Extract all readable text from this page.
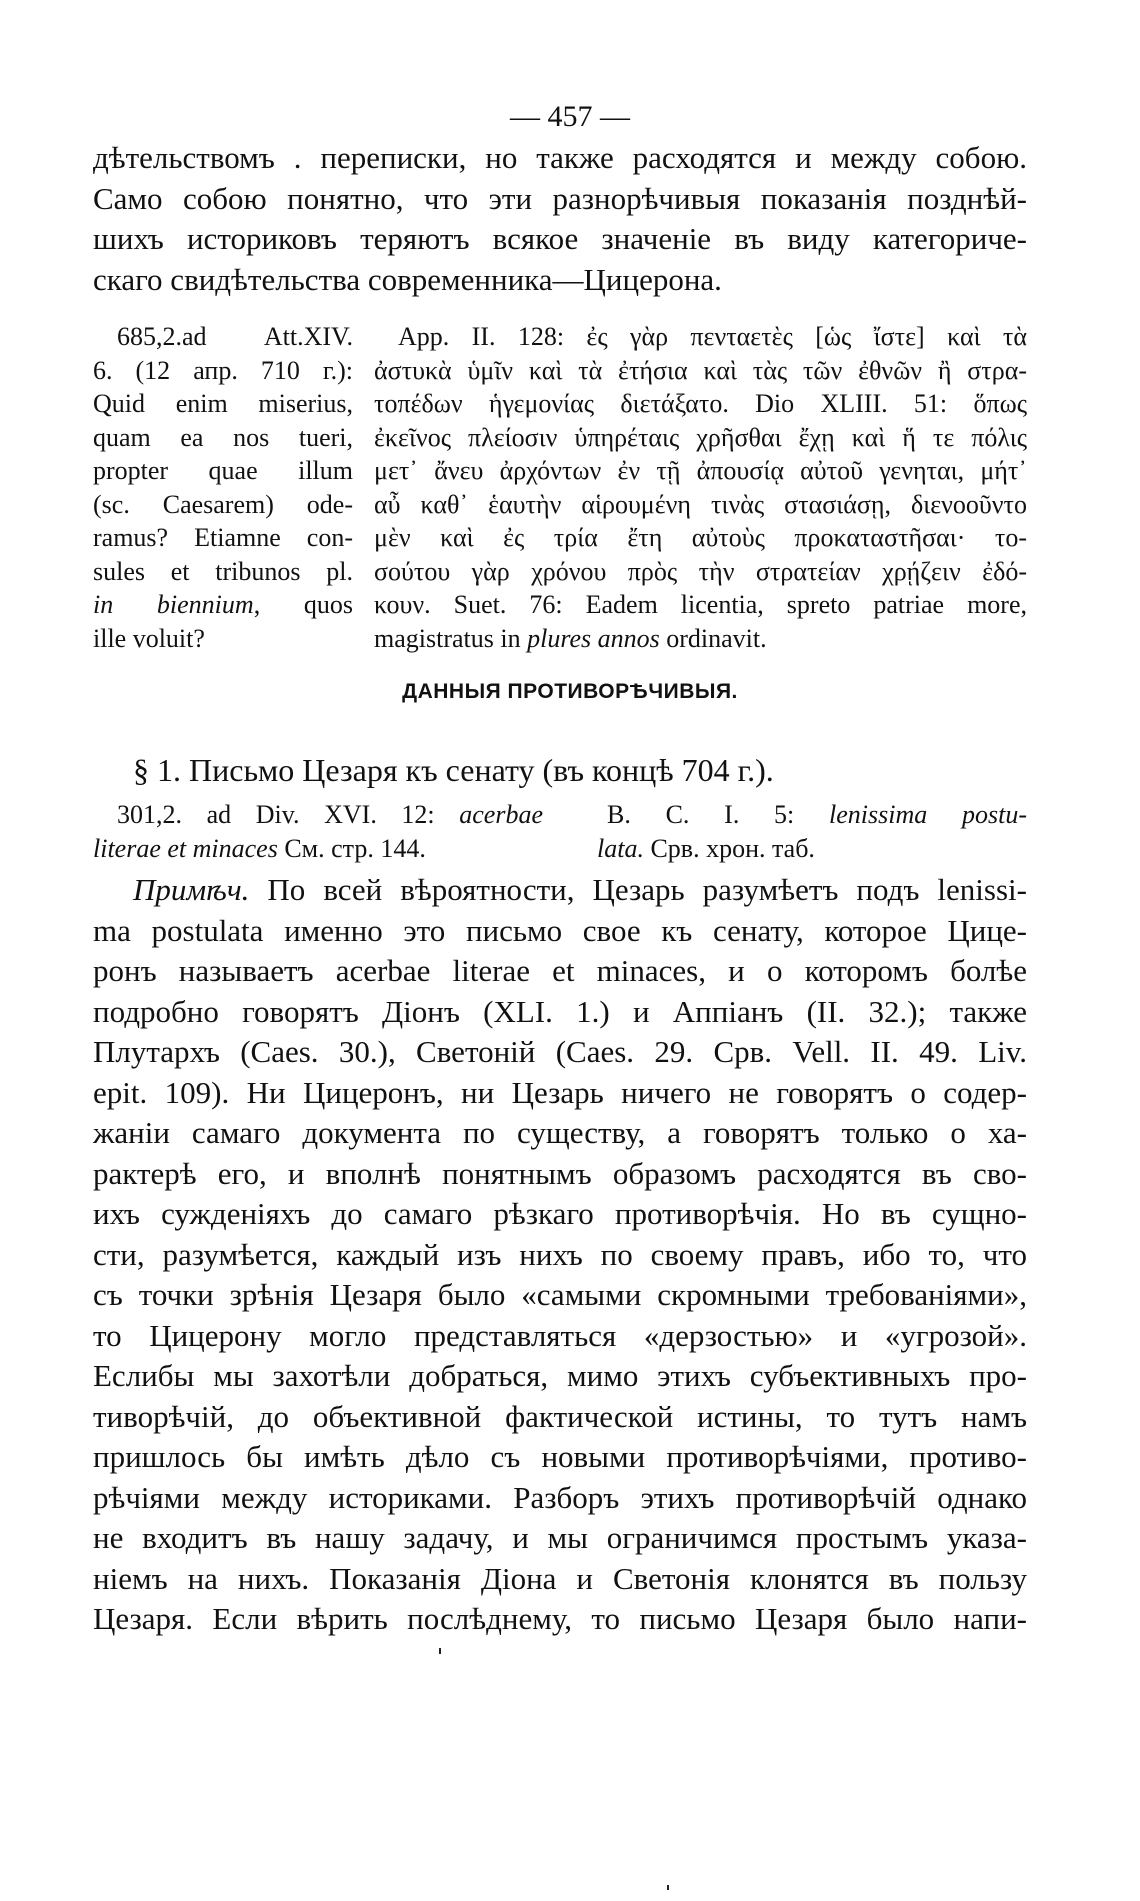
— 457 —
дѣтельствомъ . переписки, но также расходятся и между собою.
Само собою понятно, что эти разнорѣчивыя показанія позднѣй-
шихъ историковъ теряютъ всякое значеніе въ виду категориче-
скаго свидѣтельства современника—Цицерона.
685,2.ad Att.XIV.
6. (12 апр. 710 г.):
Quid enim miserius,
quam ea nos tueri,
propter quae illum
(sc. Caesarem) ode-
ramus? Etiamne con-
sules et tribunos pl.
in biennium, quos
ille voluit?
App. II. 128: ἐς γὰρ πενταετὲς [ὡς ἴστε] καὶ τὰ
ἀστυκὰ ὑμῖν καὶ τὰ ἐτήσια καὶ τὰς τῶν ἐθνῶν ἢ στρα-
τοπέδων ἡγεμονίας διετάξατο. Dio XLIII. 51: ὅπως
ἐκεῖνος πλείοσιν ὑπηρέταις χρῆσθαι ἔχῃ καὶ ἥ τε πόλις
μετ᾽ ἄνευ ἀρχόντων ἐν τῇ ἀπουσίᾳ αὐτοῦ γενηται, μήτ᾽
αὖ καθ᾽ ἑαυτὴν αἱρουμένη τινὰς στασιάσῃ, διενοοῦντο
μὲν καὶ ἐς τρία ἔτη αὐτοὺς προκαταστῆσαι· το-
σούτου γὰρ χρόνου πρὸς τὴν στρατείαν χρῄζειν ἐδό-
κουν. Suet. 76: Eadem licentia, spreto patriae more,
magistratus in plures annos ordinavit.
ДАННЫЯ ПРОТИВОРѢЧИВЫЯ.
§ 1. Письмо Цезаря къ сенату (въ концѣ 704 г.).
301,2. ad Div. XVI. 12: acerbae
literae et minaces См. стр. 144.
B. C. I. 5: lenissima postu-
lata. Срв. хрон. таб.
Примѣч. По всей вѣроятности, Цезарь разумѣетъ подъ lenissi-
ma postulata именно это письмо свое къ сенату, которое Цице-
ронъ называетъ acerbae literae et minaces, и о которомъ болѣе
подробно говорятъ Діонъ (XLI. 1.) и Аппіанъ (II. 32.); также
Плутархъ (Caes. 30.), Светоній (Caes. 29. Срв. Vell. II. 49. Liv.
epit. 109). Ни Цицеронъ, ни Цезарь ничего не говорятъ о содер-
жаніи самаго документа по существу, а говорятъ только о ха-
рактерѣ его, и вполнѣ понятнымъ образомъ расходятся въ сво-
ихъ сужденіяхъ до самаго рѣзкаго противорѣчія. Но въ сущно-
сти, разумѣется, каждый изъ нихъ по своему правъ, ибо то, что
съ точки зрѣнія Цезаря было «самыми скромными требованіями»,
то Цицерону могло представляться «дерзостью» и «угрозой».
Еслибы мы захотѣли добраться, мимо этихъ субъективныхъ про-
тиворѣчій, до объективной фактической истины, то тутъ намъ
пришлось бы имѣть дѣло съ новыми противорѣчіями, противо-
рѣчіями между историками. Разборъ этихъ противорѣчій однако
не входитъ въ нашу задачу, и мы ограничимся простымъ указа-
ніемъ на нихъ. Показанія Діона и Светонія клонятся въ пользу
Цезаря. Если вѣрить послѣднему, то письмо Цезаря было напи-
